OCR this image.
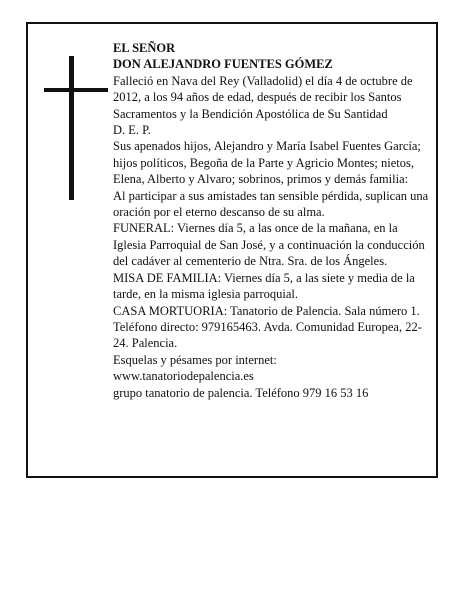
EL SEÑOR

DON ALEJANDRO FUENTES GÓMEZ

Falleció en Nava del Rey (Valladolid) el día 4 de octubre de 2012, a los 94 años de edad, después de recibir los Santos Sacramentos y la Bendición Apostólica de Su Santidad

D. E. P.

Sus apenados hijos, Alejandro y María Isabel Fuentes García; hijos políticos, Begoña de la Parte y Agricio Montes; nietos, Elena, Alberto y Alvaro; sobrinos, primos y demás familia:

Al participar a sus amistades tan sensible pérdida, suplican una oración por el eterno descanso de su alma.

FUNERAL: Viernes día 5, a las once de la mañana, en la Iglesia Parroquial de San José, y a continuación la conducción del cadáver al cementerio de Ntra. Sra. de los Ángeles.

MISA DE FAMILIA: Viernes día 5, a las siete y media de la tarde, en la misma iglesia parroquial.

CASA MORTUORIA: Tanatorio de Palencia. Sala número 1. Teléfono directo: 979165463. Avda. Comunidad Europea, 22-24. Palencia.

Esquelas y pésames por internet:

www.tanatoriodepalencia.es

grupo tanatorio de palencia. Teléfono 979 16 53 16
